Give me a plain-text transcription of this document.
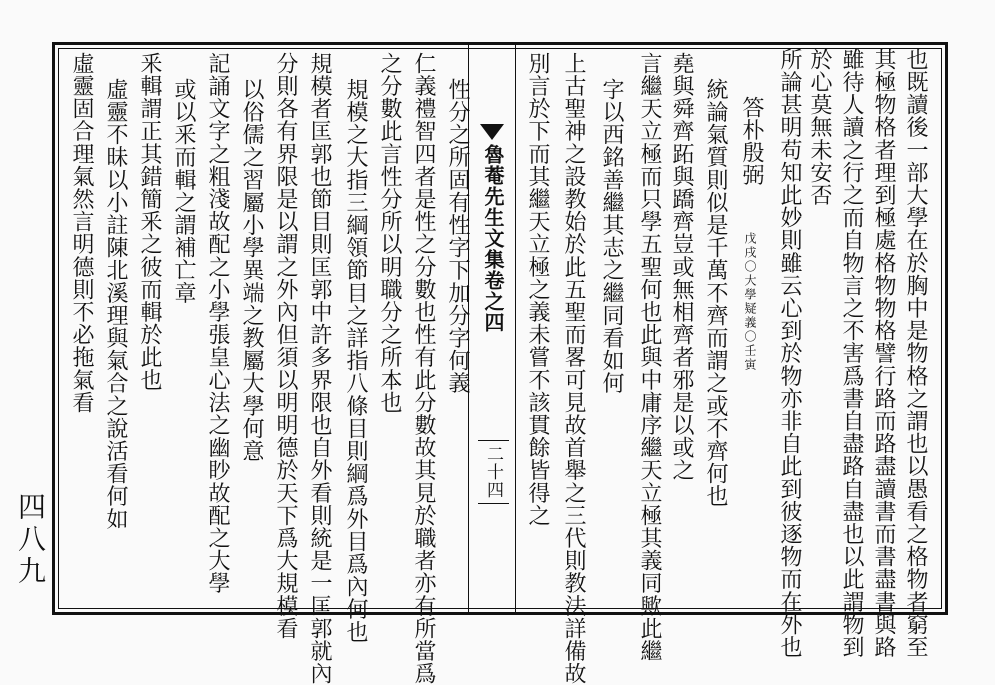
四八九	也既讀後一部大學在於胸中是物格之謂也以愚看之格物者窮至
其極物格者理到極處格物物格譬行路而路盡讀書而書盡書與路
雖待人讀之行之而自物言之不害爲書自盡路自盡也以此謂物到
於心莫無未安否
所論甚明苟知此妙則雖云心到於物亦非自此到彼逐物而在外也
答朴殷弼
戊戌〇大學疑義〇壬寅
統論氣質則似是千萬不齊而謂之或不齊何也
堯與舜齊跖與蹻齊豈或無相齊者邪是以或之
言繼天立極而只學五聖何也此與中庸序繼天立極其義同歟此繼
字以西銘善繼其志之繼同看如何
上古聖神之設教始於此五聖而畧可見故首舉之三代則教法詳備故
別言於下而其繼天立極之義未嘗不該貫餘皆得之
魯菴先生文集卷之四
二十四
性分之所固有性字下加分字何義
仁義禮智四者是性之分數也性有此分數故其見於職者亦有所當爲
之分數此言性分所以明職分之所本也
規模之大指三綱領節目之詳指八條目則綱爲外目爲內何也
規模者匡郭也節目則匡郭中許多界限也自外看則統是一匡郭就內
分則各有界限是以謂之外內但須以明明德於天下爲大規模看
以俗儒之習屬小學異端之教屬大學何意
記誦文字之粗淺故配之小學張皇心法之幽眇故配之大學
或以釆而輯之謂補亡章
釆輯謂正其錯簡釆之彼而輯於此也
虛靈不昧以小註陳北溪理與氣合之說活看何如
虛靈固合理氣然言明德則不必拖氣看
